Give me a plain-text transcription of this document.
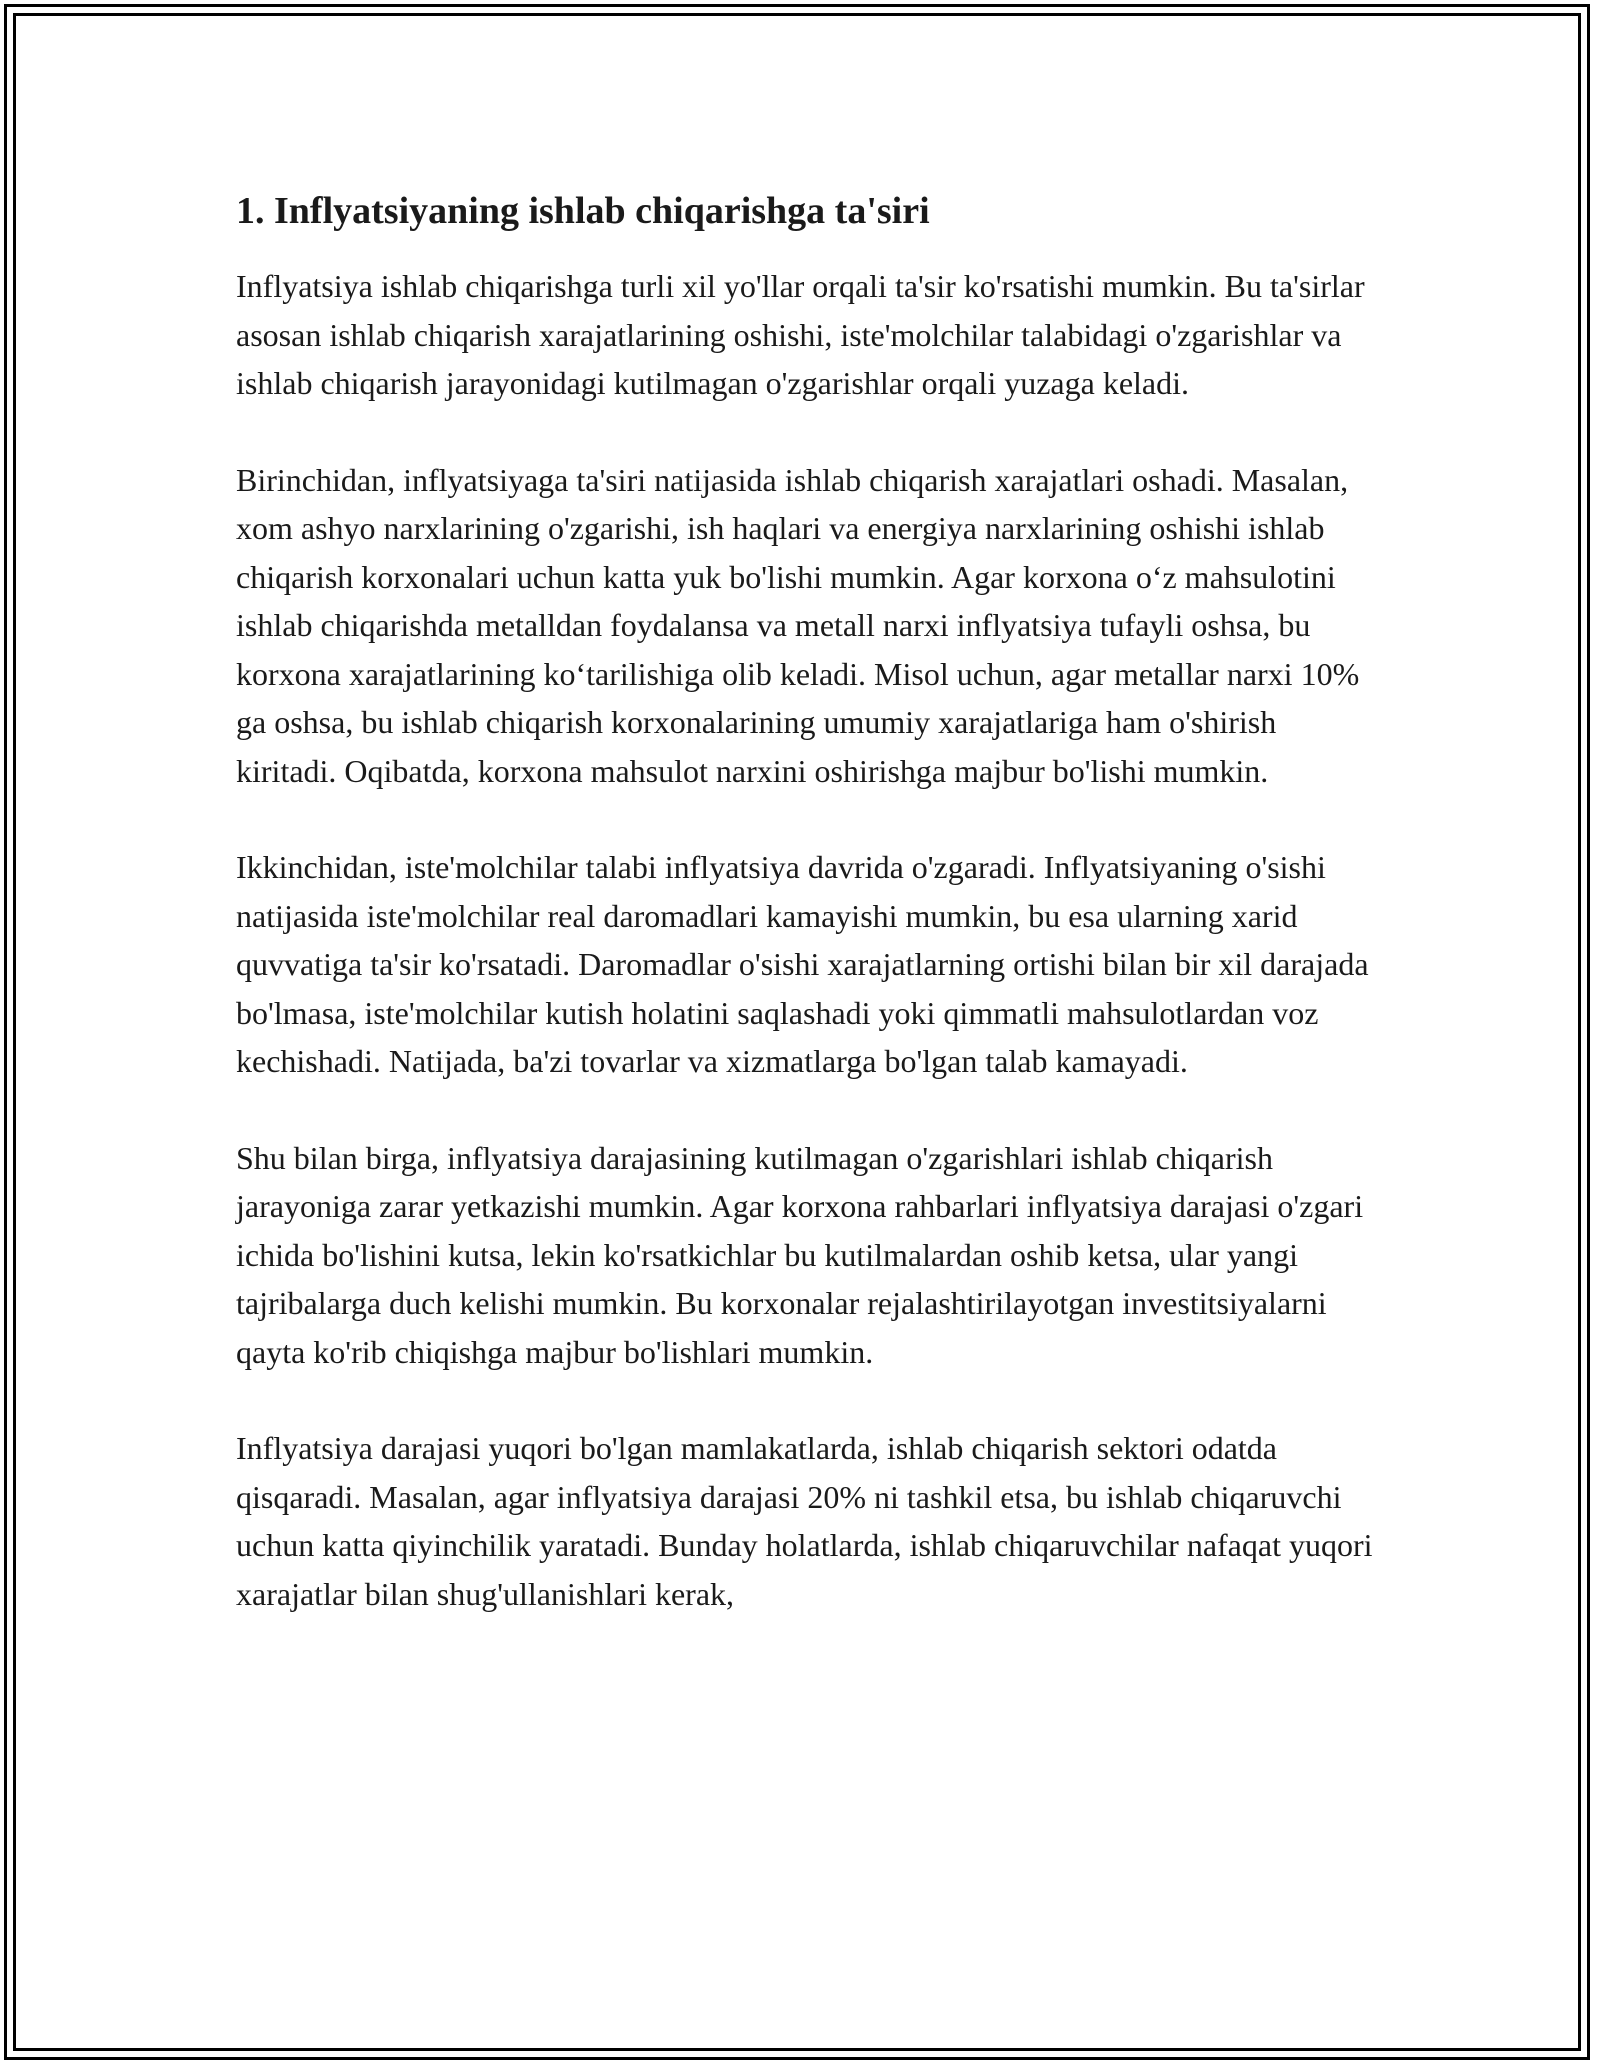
1. Inflyatsiyaning ishlab chiqarishga ta'siri

Inflyatsiya ishlab chiqarishga turli xil yo'llar orqali ta'sir ko'rsatishi mumkin. Bu ta'sirlar asosan ishlab chiqarish xarajatlarining oshishi, iste'molchilar talabidagi o'zgarishlar va ishlab chiqarish jarayonidagi kutilmagan o'zgarishlar orqali yuzaga keladi.

Birinchidan, inflyatsiyaga ta'siri natijasida ishlab chiqarish xarajatlari oshadi. Masalan, xom ashyo narxlarining o'zgarishi, ish haqlari va energiya narxlarining oshishi ishlab chiqarish korxonalari uchun katta yuk bo'lishi mumkin. Agar korxona o‘z mahsulotini ishlab chiqarishda metalldan foydalansa va metall narxi inflyatsiya tufayli oshsa, bu korxona xarajatlarining ko‘tarilishiga olib keladi. Misol uchun, agar metallar narxi 10% ga oshsa, bu ishlab chiqarish korxonalarining umumiy xarajatlariga ham o'shirish kiritadi. Oqibatda, korxona mahsulot narxini oshirishga majbur bo'lishi mumkin.

Ikkinchidan, iste'molchilar talabi inflyatsiya davrida o'zgaradi. Inflyatsiyaning o'sishi natijasida iste'molchilar real daromadlari kamayishi mumkin, bu esa ularning xarid quvvatiga ta'sir ko'rsatadi. Daromadlar o'sishi xarajatlarning ortishi bilan bir xil darajada bo'lmasa, iste'molchilar kutish holatini saqlashadi yoki qimmatli mahsulotlardan voz kechishadi. Natijada, ba'zi tovarlar va xizmatlarga bo'lgan talab kamayadi.

Shu bilan birga, inflyatsiya darajasining kutilmagan o'zgarishlari ishlab chiqarish jarayoniga zarar yetkazishi mumkin. Agar korxona rahbarlari inflyatsiya darajasi o'zgari ichida bo'lishini kutsa, lekin ko'rsatkichlar bu kutilmalardan oshib ketsa, ular yangi tajribalarga duch kelishi mumkin. Bu korxonalar rejalashtirilayotgan investitsiyalarni qayta ko'rib chiqishga majbur bo'lishlari mumkin.

Inflyatsiya darajasi yuqori bo'lgan mamlakatlarda, ishlab chiqarish sektori odatda qisqaradi. Masalan, agar inflyatsiya darajasi 20% ni tashkil etsa, bu ishlab chiqaruvchi uchun katta qiyinchilik yaratadi. Bunday holatlarda, ishlab chiqaruvchilar nafaqat yuqori xarajatlar bilan shug'ullanishlari kerak,
